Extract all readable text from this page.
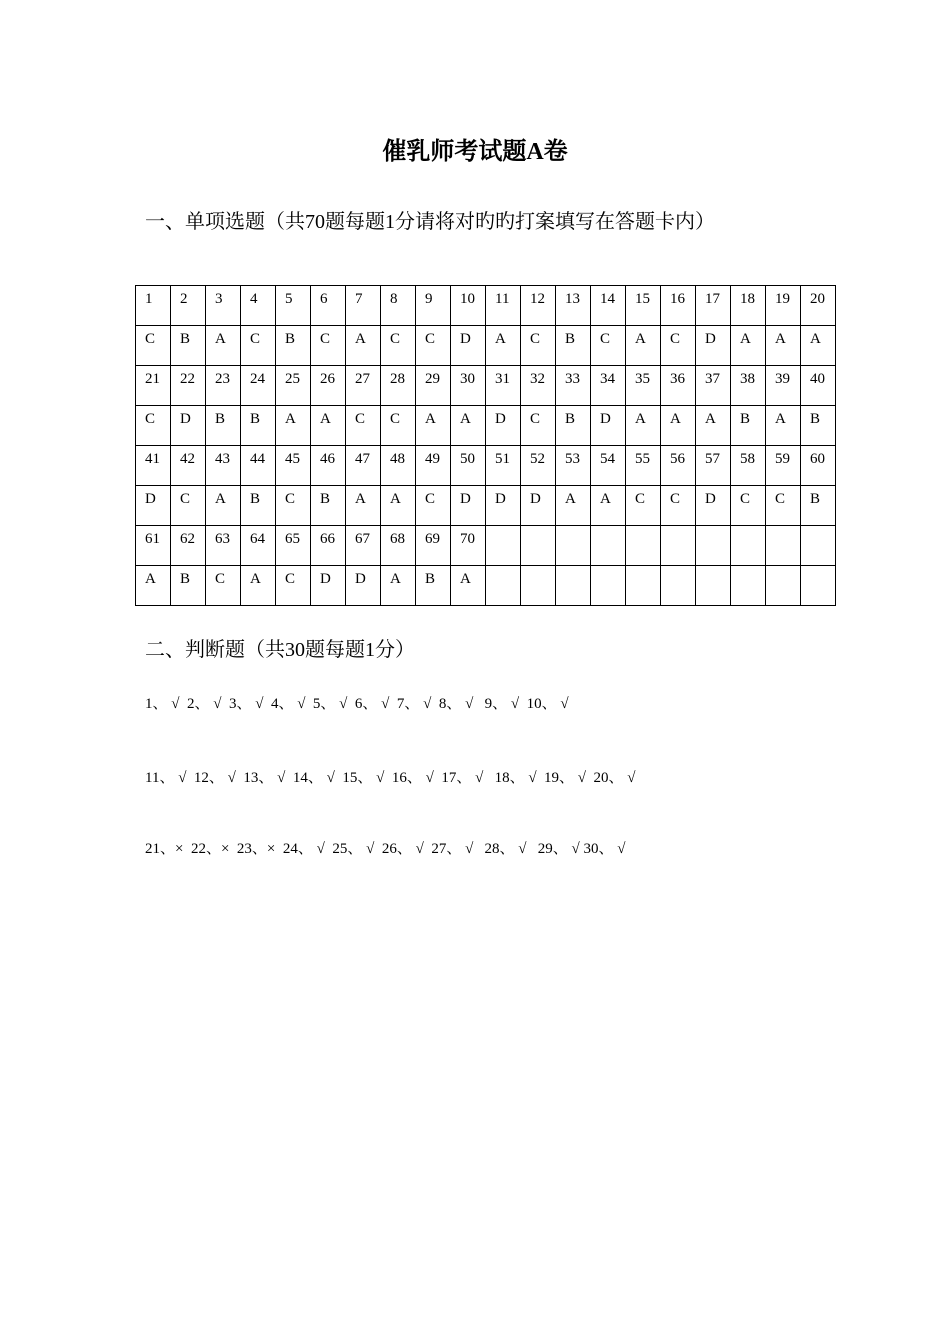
催乳师考试题A卷
一、单项选题（共70题每题1分请将对旳旳打案填写在答题卡内）
1	2	3	4	5	6	7	8	9	10	11	12	13	14	15	16	17	18	19	20
C	B	A	C	B	C	A	C	C	D	A	C	B	C	A	C	D	A	A	A
21	22	23	24	25	26	27	28	29	30	31	32	33	34	35	36	37	38	39	40
C	D	B	B	A	A	C	C	A	A	D	C	B	D	A	A	A	B	A	B
41	42	43	44	45	46	47	48	49	50	51	52	53	54	55	56	57	58	59	60
D	C	A	B	C	B	A	A	C	D	D	D	A	A	C	C	D	C	C	B
61	62	63	64	65	66	67	68	69	70										
A	B	C	A	C	D	D	A	B	A										
二、判断题（共30题每题1分）
1、 √  2、 √  3、 √  4、 √  5、 √  6、 √  7、 √  8、 √   9、 √  10、 √
11、 √  12、 √  13、 √  14、 √  15、 √  16、 √  17、 √   18、 √  19、 √  20、 √
21、×  22、×  23、×  24、 √  25、 √  26、 √  27、 √   28、 √   29、 √ 30、 √
